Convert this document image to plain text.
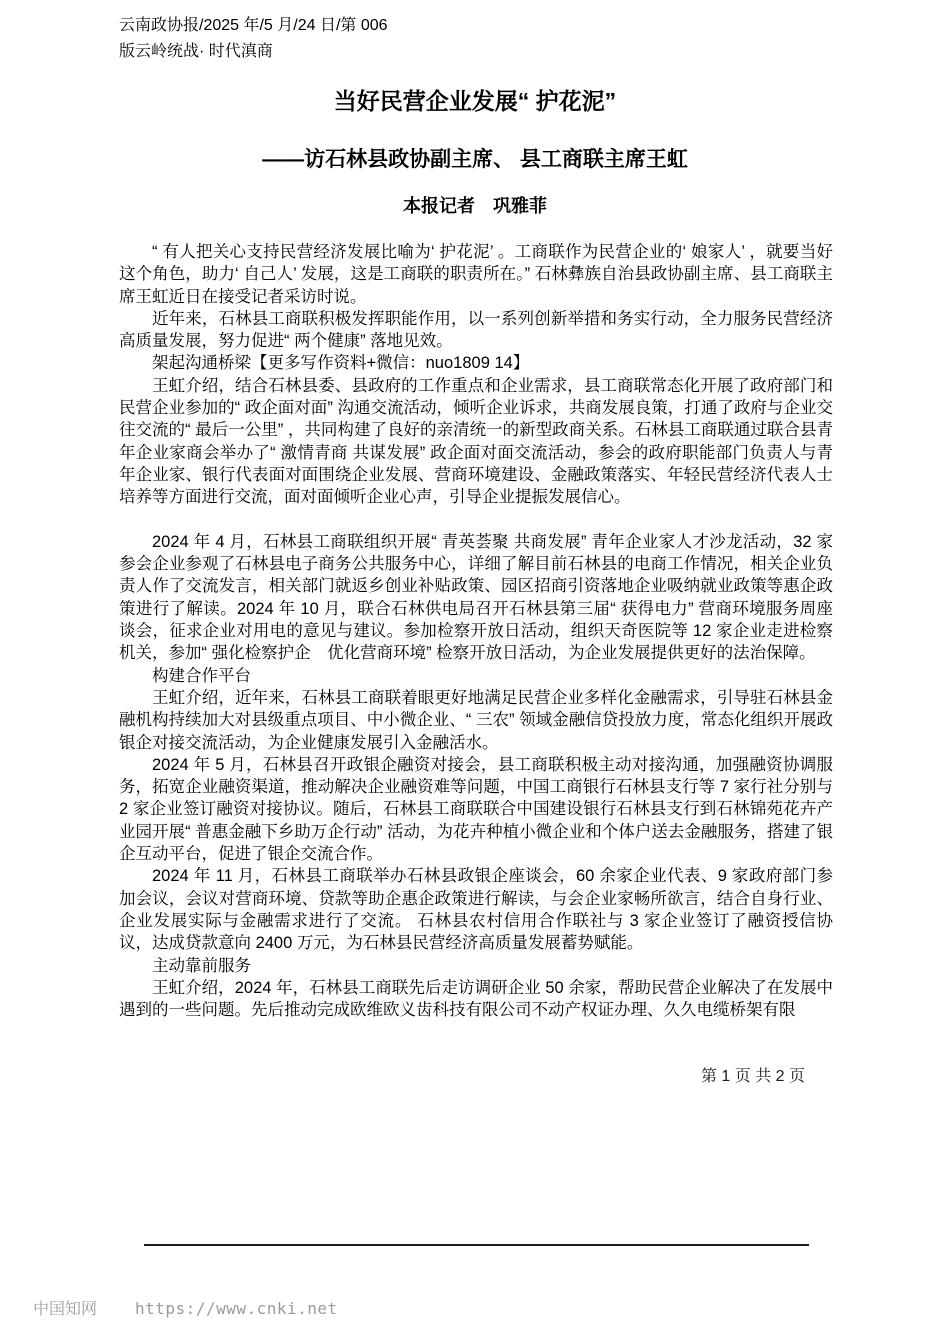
云南政协报/2025 年/5 月/24 日/第 006
版云岭统战· 时代滇商
当好民营企业发展“ 护花泥”
——访石林县政协副主席、 县工商联主席王虹
本报记者　巩雅菲

“ 有人把关心支持民营经济发展比喻为‘ 护花泥’ 。工商联作为民营企业的‘ 娘家人’ ，就要当好这个角色，助力‘ 自己人’ 发展，这是工商联的职责所在。” 石林彝族自治县政协副主席、县工商联主席王虹近日在接受记者采访时说。

近年来，石林县工商联积极发挥职能作用，以一系列创新举措和务实行动，全力服务民营经济高质量发展，努力促进“ 两个健康” 落地见效。

架起沟通桥梁【更多写作资料+微信：nuo1809 14】

王虹介绍，结合石林县委、县政府的工作重点和企业需求，县工商联常态化开展了政府部门和民营企业参加的“ 政企面对面” 沟通交流活动，倾听企业诉求，共商发展良策，打通了政府与企业交往交流的“ 最后一公里” ，共同构建了良好的亲清统一的新型政商关系。石林县工商联通过联合县青年企业家商会举办了“ 激情青商 共谋发展” 政企面对面交流活动，参会的政府职能部门负责人与青年企业家、银行代表面对面围绕企业发展、营商环境建设、金融政策落实、年轻民营经济代表人士培养等方面进行交流，面对面倾听企业心声，引导企业提振发展信心。

2024 年 4 月，石林县工商联组织开展“ 青英荟聚 共商发展” 青年企业家人才沙龙活动，32 家参会企业参观了石林县电子商务公共服务中心，详细了解目前石林县的电商工作情况，相关企业负责人作了交流发言，相关部门就返乡创业补贴政策、园区招商引资落地企业吸纳就业政策等惠企政策进行了解读。2024 年 10 月，联合石林供电局召开石林县第三届“ 获得电力” 营商环境服务周座谈会，征求企业对用电的意见与建议。参加检察开放日活动，组织天奇医院等 12 家企业走进检察机关，参加“ 强化检察护企　优化营商环境” 检察开放日活动，为企业发展提供更好的法治保障。

构建合作平台

王虹介绍，近年来，石林县工商联着眼更好地满足民营企业多样化金融需求，引导驻石林县金融机构持续加大对县级重点项目、中小微企业、“ 三农” 领域金融信贷投放力度，常态化组织开展政银企对接交流活动，为企业健康发展引入金融活水。

2024 年 5 月，石林县召开政银企融资对接会，县工商联积极主动对接沟通，加强融资协调服务，拓宽企业融资渠道，推动解决企业融资难等问题，中国工商银行石林县支行等 7 家行社分别与 2 家企业签订融资对接协议。随后，石林县工商联联合中国建设银行石林县支行到石林锦苑花卉产业园开展“ 普惠金融下乡助万企行动” 活动，为花卉种植小微企业和个体户送去金融服务，搭建了银企互动平台，促进了银企交流合作。

2024 年 11 月，石林县工商联举办石林县政银企座谈会，60 余家企业代表、9 家政府部门参加会议，会议对营商环境、贷款等助企惠企政策进行解读，与会企业家畅所欲言，结合自身行业、企业发展实际与金融需求进行了交流。 石林县农村信用合作联社与 3 家企业签订了融资授信协议，达成贷款意向 2400 万元，为石林县民营经济高质量发展蓄势赋能。

主动靠前服务

王虹介绍，2024 年，石林县工商联先后走访调研企业 50 余家，帮助民营企业解决了在发展中遇到的一些问题。先后推动完成欧维欧义齿科技有限公司不动产权证办理、久久电缆桥架有限

第 1 页 共 2 页
中国知网 https://www.cnki.net
